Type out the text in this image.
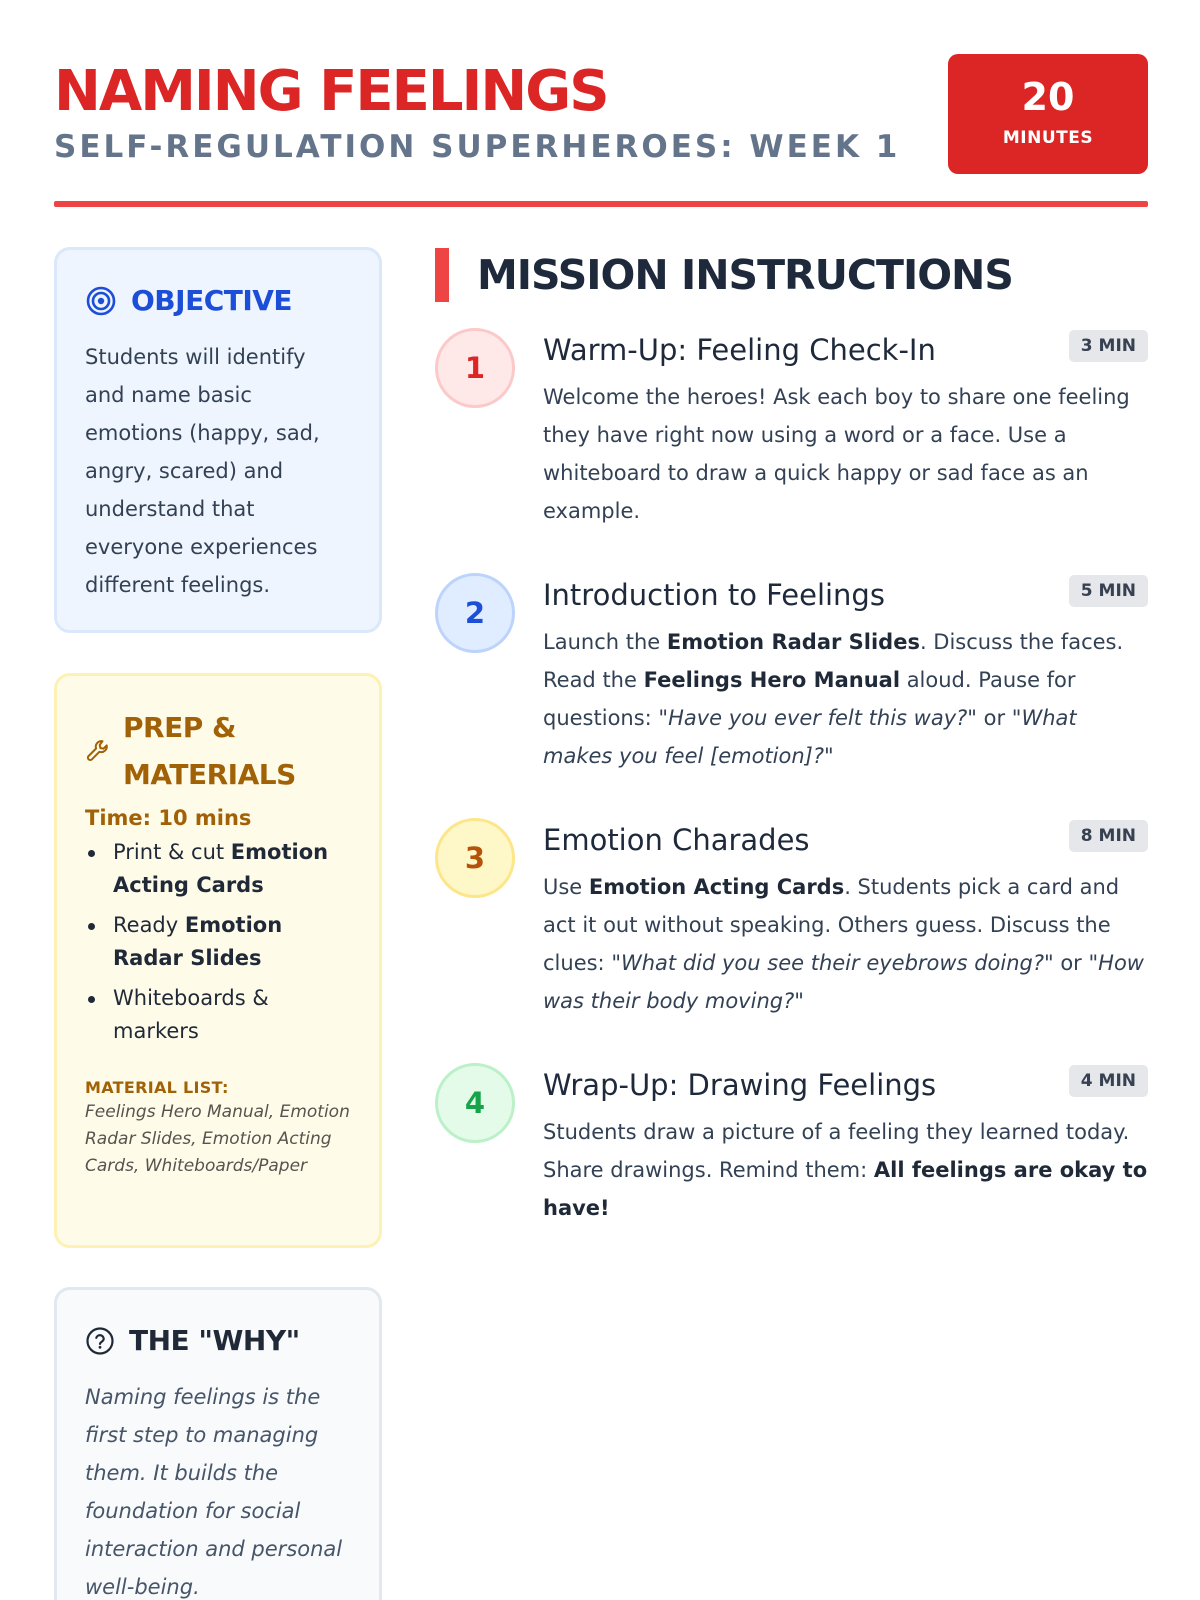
NAMING FEELINGS
SELF-REGULATION SUPERHEROES: WEEK 1
20
MINUTES
OBJECTIVE
Students will identify and name basic emotions (happy, sad, angry, scared) and understand that everyone experiences different feelings.
PREP &
MATERIALS
Time: 10 mins
Print & cut Emotion Acting Cards
Ready Emotion Radar Slides
Whiteboards & markers
MATERIAL LIST:
Feelings Hero Manual, Emotion Radar Slides, Emotion Acting Cards, Whiteboards/Paper
THE "WHY"
Naming feelings is the first step to managing them. It builds the foundation for social interaction and personal well-being.
MISSION INSTRUCTIONS
1
Warm-Up: Feeling Check-In	3 MIN
Welcome the heroes! Ask each boy to share one feeling they have right now using a word or a face. Use a whiteboard to draw a quick happy or sad face as an example.
2
Introduction to Feelings	5 MIN
Launch the Emotion Radar Slides. Discuss the faces. Read the Feelings Hero Manual aloud. Pause for questions: "Have you ever felt this way?" or "What makes you feel [emotion]?"
3
Emotion Charades	8 MIN
Use Emotion Acting Cards. Students pick a card and act it out without speaking. Others guess. Discuss the clues: "What did you see their eyebrows doing?" or "How was their body moving?"
4
Wrap-Up: Drawing Feelings	4 MIN
Students draw a picture of a feeling they learned today. Share drawings. Remind them: All feelings are okay to have!
